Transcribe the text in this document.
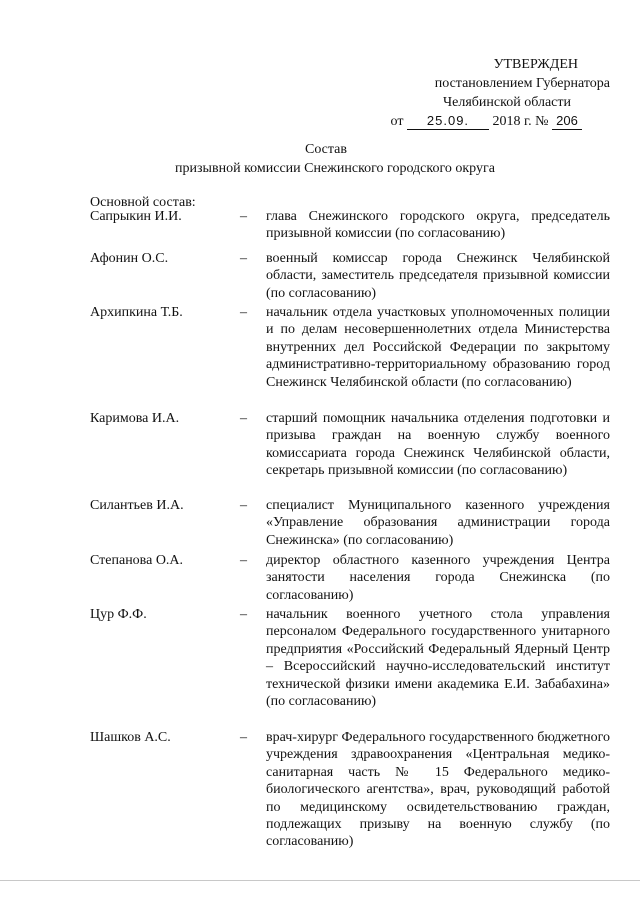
УТВЕРЖДЕН
постановлением Губернатора
Челябинской области
от 25.09. 2018 г. № 206
Состав
призывной комиссии Снежинского городского округа
Основной состав:
Сапрыкин И.И.	–	глава Снежинского городского округа, председатель призывной комиссии (по согласованию)
Афонин О.С.	–	военный комиссар города Снежинск Челябинской области, заместитель председателя призывной комиссии (по согласованию)
Архипкина Т.Б.	–	начальник отдела участковых уполномоченных полиции и по делам несовершеннолетних отдела Министерства внутренних дел Российской Федерации по закрытому административно-территориальному образованию город Снежинск Челябинской области (по согласованию)
Каримова И.А.	–	старший помощник начальника отделения подготовки и призыва граждан на военную службу военного комиссариата города Снежинск Челябинской области, секретарь призывной комиссии (по согласованию)
Силантьев И.А.	–	специалист Муниципального казенного учреждения «Управление образования администрации города Снежинска» (по согласованию)
Степанова О.А.	–	директор областного казенного учреждения Центра занятости населения города Снежинска (по согласованию)
Цур Ф.Ф.	–	начальник военного учетного стола управления персоналом Федерального государственного унитарного предприятия «Российский Федеральный Ядерный Центр – Всероссийский научно-исследовательский институт технической физики имени академика Е.И. Забабахина» (по согласованию)
Шашков А.С.	–	врач-хирург Федерального государственного бюджетного учреждения здравоохранения «Центральная медико-санитарная часть № 15 Федерального медико-биологического агентства», врач, руководящий работой по медицинскому освидетельствованию граждан, подлежащих призыву на военную службу (по согласованию)
